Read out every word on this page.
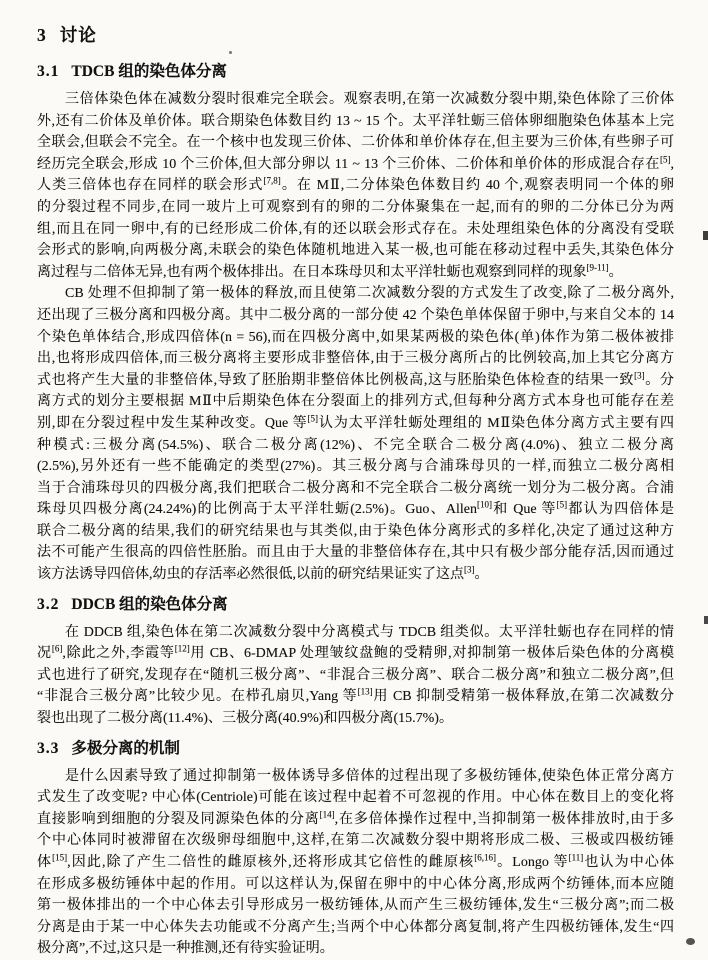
3 讨论
3.1 TDCB 组的染色体分离
三倍体染色体在减数分裂时很难完全联会。观察表明,在第一次减数分裂中期,染色体除了三价体
外,还有二价体及单价体。联合期染色体数目约 13 ~ 15 个。太平洋牡蛎三倍体卵细胞染色体基本上完
全联会,但联会不完全。在一个核中也发现三价体、二价体和单价体存在,但主要为三价体,有些卵子可
经历完全联会,形成 10 个三价体,但大部分卵以 11 ~ 13 个三价体、二价体和单价体的形成混合存在[5],
人类三倍体也存在同样的联会形式[7,8]。在 MⅡ,二分体染色体数目约 40 个,观察表明同一个体的卵
的分裂过程不同步,在同一玻片上可观察到有的卵的二分体聚集在一起,而有的卵的二分体已分为两
组,而且在同一卵中,有的已经形成二价体,有的还以联会形式存在。未处理组染色体的分离没有受联
会形式的影响,向两极分离,未联会的染色体随机地进入某一极,也可能在移动过程中丢失,其染色体分
离过程与二倍体无异,也有两个极体排出。在日本珠母贝和太平洋牡蛎也观察到同样的现象[9-11]。
CB 处理不但抑制了第一极体的释放,而且使第二次减数分裂的方式发生了改变,除了二极分离外,
还出现了三极分离和四极分离。其中二极分离的一部分使 42 个染色单体保留于卵中,与来自父本的 14
个染色单体结合,形成四倍体(n = 56),而在四极分离中,如果某两极的染色体(单)体作为第二极体被排
出,也将形成四倍体,而三极分离将主要形成非整倍体,由于三极分离所占的比例较高,加上其它分离方
式也将产生大量的非整倍体,导致了胚胎期非整倍体比例极高,这与胚胎染色体检查的结果一致[3]。分
离方式的划分主要根据 MⅡ中后期染色体在分裂面上的排列方式,但每种分离方式本身也可能存在差
别,即在分裂过程中发生某种改变。Que 等[5]认为太平洋牡蛎处理组的 MⅡ染色体分离方式主要有四
种模式:三极分离(54.5%)、联合二极分离(12%)、不完全联合二极分离(4.0%)、独立二极分离
(2.5%),另外还有一些不能确定的类型(27%)。其三极分离与合浦珠母贝的一样,而独立二极分离相
当于合浦珠母贝的四极分离,我们把联合二极分离和不完全联合二极分离统一划分为二极分离。合浦
珠母贝四极分离(24.24%)的比例高于太平洋牡蛎(2.5%)。Guo、Allen[10]和 Que 等[5]都认为四倍体是
联合二极分离的结果,我们的研究结果也与其类似,由于染色体分离形式的多样化,决定了通过这种方
法不可能产生很高的四倍性胚胎。而且由于大量的非整倍体存在,其中只有极少部分能存活,因而通过
该方法诱导四倍体,幼虫的存活率必然很低,以前的研究结果证实了这点[3]。
3.2 DDCB 组的染色体分离
在 DDCB 组,染色体在第二次减数分裂中分离模式与 TDCB 组类似。太平洋牡蛎也存在同样的情
况[6],除此之外,李霞等[12]用 CB、6-DMAP 处理皱纹盘鲍的受精卵,对抑制第一极体后染色体的分离模
式也进行了研究,发现存在“随机三极分离”、“非混合三极分离”、联合二极分离”和独立二极分离”,但
“非混合三极分离”比较少见。在栉孔扇贝,Yang 等[13]用 CB 抑制受精第一极体释放,在第二次减数分
裂也出现了二极分离(11.4%)、三极分离(40.9%)和四极分离(15.7%)。
3.3 多极分离的机制
是什么因素导致了通过抑制第一极体诱导多倍体的过程出现了多极纺锤体,使染色体正常分离方
式发生了改变呢? 中心体(Centriole)可能在该过程中起着不可忽视的作用。中心体在数目上的变化将
直接影响到细胞的分裂及同源染色体的分离[14],在多倍体操作过程中,当抑制第一极体排放时,由于多
个中心体同时被滞留在次级卵母细胞中,这样,在第二次减数分裂中期将形成二极、三极或四极纺锤
体[15],因此,除了产生二倍性的雌原核外,还将形成其它倍性的雌原核[6,16]。Longo 等[11]也认为中心体
在形成多极纺锤体中起的作用。可以这样认为,保留在卵中的中心体分离,形成两个纺锤体,而本应随
第一极体排出的一个中心体去引导形成另一极纺锤体,从而产生三极纺锤体,发生“三极分离”;而二极
分离是由于某一中心体失去功能或不分离产生;当两个中心体都分离复制,将产生四极纺锤体,发生“四
极分离”,不过,这只是一种推测,还有待实验证明。
